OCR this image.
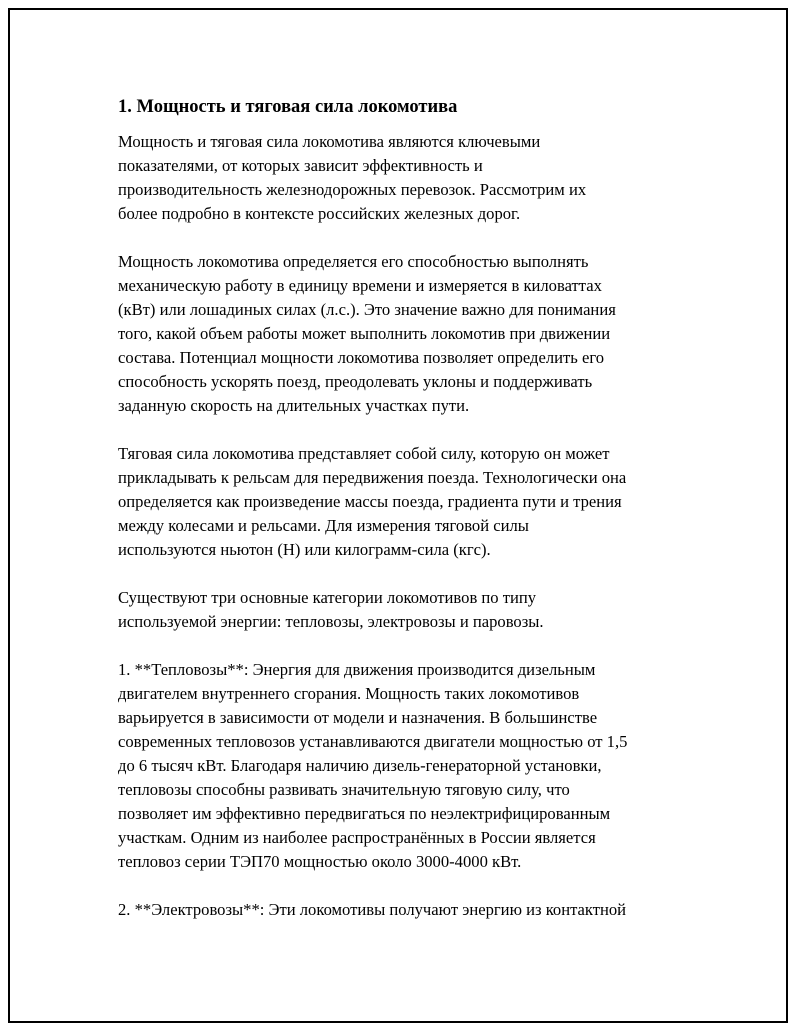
1. Мощность и тяговая сила локомотива
Мощность и тяговая сила локомотива являются ключевыми
показателями, от которых зависит эффективность и
производительность железнодорожных перевозок. Рассмотрим их
более подробно в контексте российских железных дорог.
Мощность локомотива определяется его способностью выполнять
механическую работу в единицу времени и измеряется в киловаттах
(кВт) или лошадиных силах (л.с.). Это значение важно для понимания
того, какой объем работы может выполнить локомотив при движении
состава. Потенциал мощности локомотива позволяет определить его
способность ускорять поезд, преодолевать уклоны и поддерживать
заданную скорость на длительных участках пути.
Тяговая сила локомотива представляет собой силу, которую он может
прикладывать к рельсам для передвижения поезда. Технологически она
определяется как произведение массы поезда, градиента пути и трения
между колесами и рельсами. Для измерения тяговой силы
используются ньютон (Н) или килограмм-сила (кгс).
Существуют три основные категории локомотивов по типу
используемой энергии: тепловозы, электровозы и паровозы.
1. **Тепловозы**: Энергия для движения производится дизельным
двигателем внутреннего сгорания. Мощность таких локомотивов
варьируется в зависимости от модели и назначения. В большинстве
современных тепловозов устанавливаются двигатели мощностью от 1,5
до 6 тысяч кВт. Благодаря наличию дизель-генераторной установки,
тепловозы способны развивать значительную тяговую силу, что
позволяет им эффективно передвигаться по неэлектрифицированным
участкам. Одним из наиболее распространённых в России является
тепловоз серии ТЭП70 мощностью около 3000-4000 кВт.
2. **Электровозы**: Эти локомотивы получают энергию из контактной
